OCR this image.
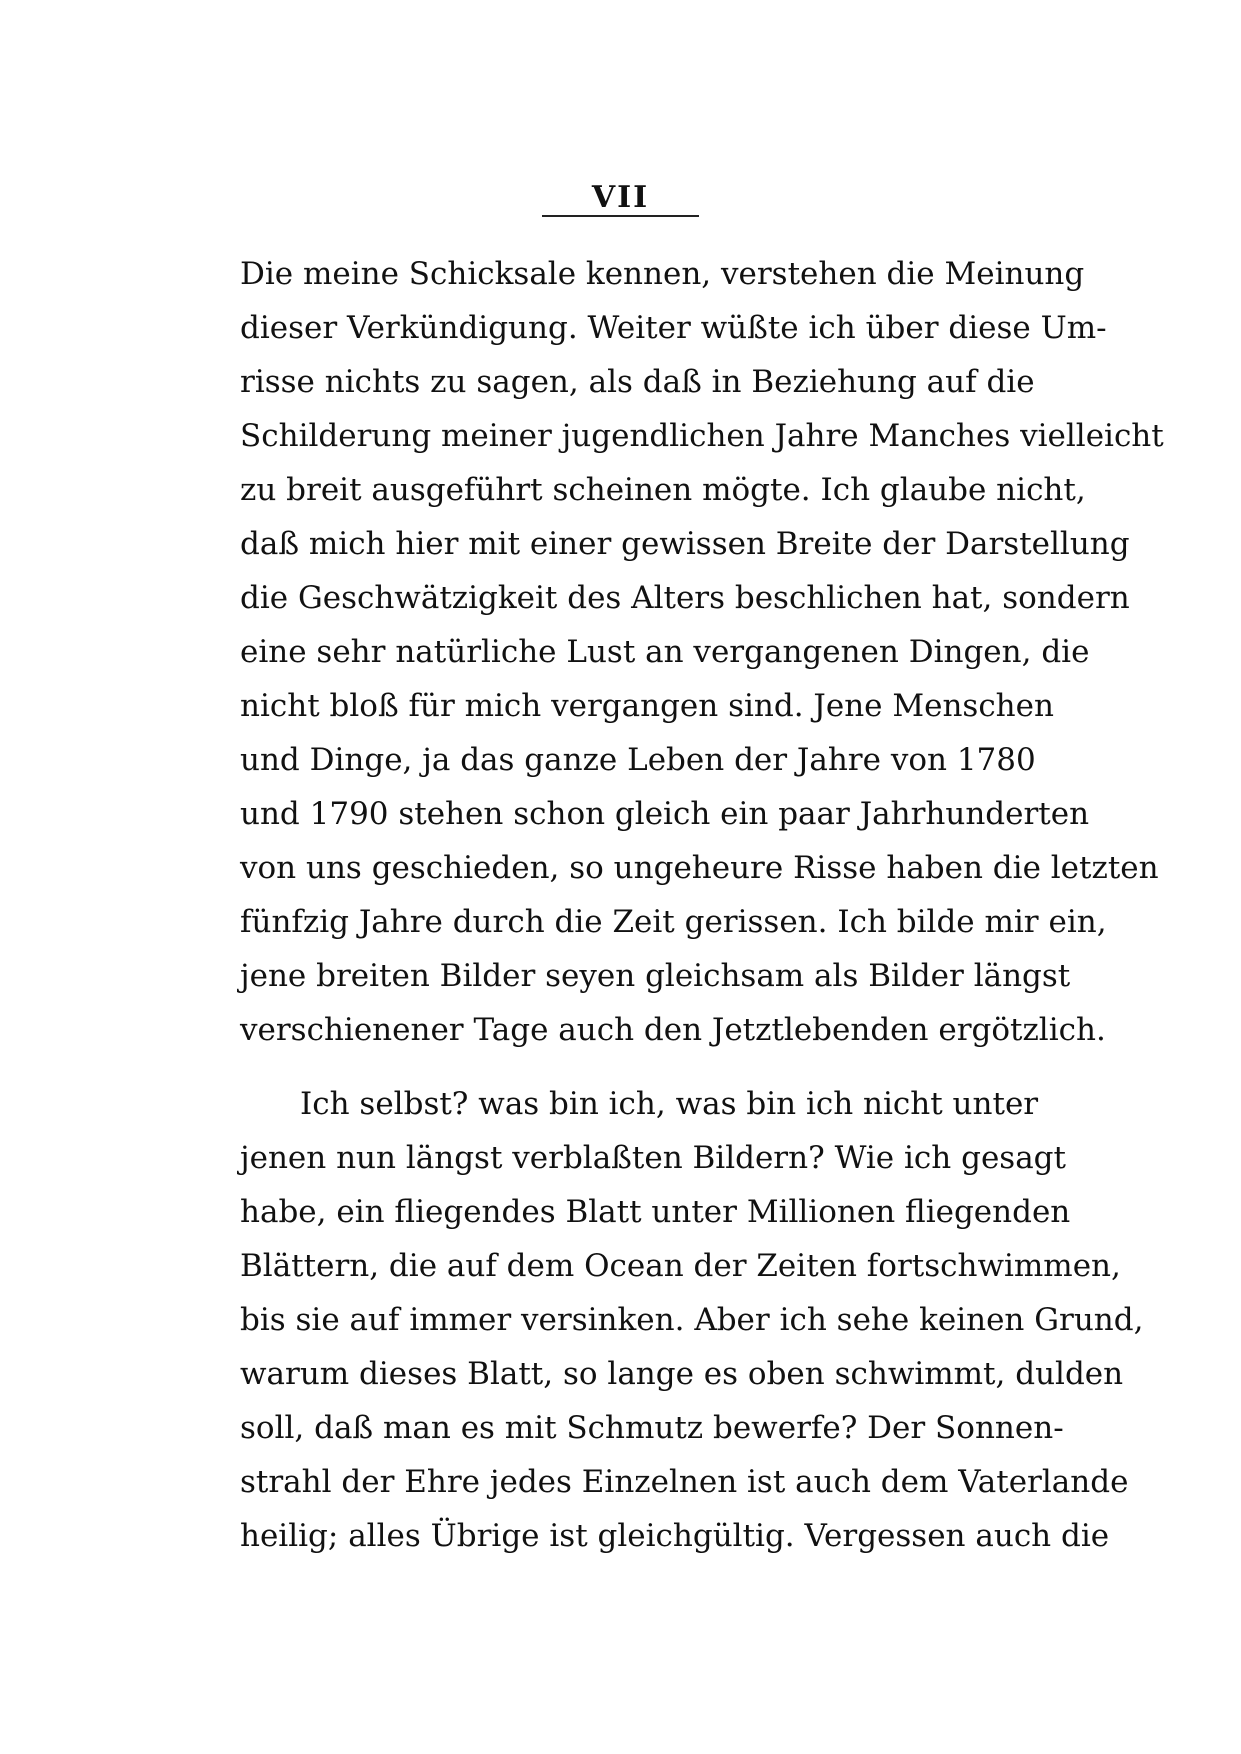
VII
Die meine Schicksale kennen, verstehen die Meinung
dieser Verkündigung. Weiter wüßte ich über diese Um-
risse nichts zu sagen, als daß in Beziehung auf die
Schilderung meiner jugendlichen Jahre Manches vielleicht
zu breit ausgeführt scheinen mögte. Ich glaube nicht,
daß mich hier mit einer gewissen Breite der Darstellung
die Geschwätzigkeit des Alters beschlichen hat, sondern
eine sehr natürliche Lust an vergangenen Dingen, die
nicht bloß für mich vergangen sind. Jene Menschen
und Dinge, ja das ganze Leben der Jahre von 1780
und 1790 stehen schon gleich ein paar Jahrhunderten
von uns geschieden, so ungeheure Risse haben die letzten
fünfzig Jahre durch die Zeit gerissen. Ich bilde mir ein,
jene breiten Bilder seyen gleichsam als Bilder längst
verschienener Tage auch den Jetztlebenden ergötzlich.
Ich selbst? was bin ich, was bin ich nicht unter
jenen nun längst verblaßten Bildern? Wie ich gesagt
habe, ein fliegendes Blatt unter Millionen fliegenden
Blättern, die auf dem Ocean der Zeiten fortschwimmen,
bis sie auf immer versinken. Aber ich sehe keinen Grund,
warum dieses Blatt, so lange es oben schwimmt, dulden
soll, daß man es mit Schmutz bewerfe? Der Sonnen-
strahl der Ehre jedes Einzelnen ist auch dem Vaterlande
heilig; alles Übrige ist gleichgültig. Vergessen auch die
